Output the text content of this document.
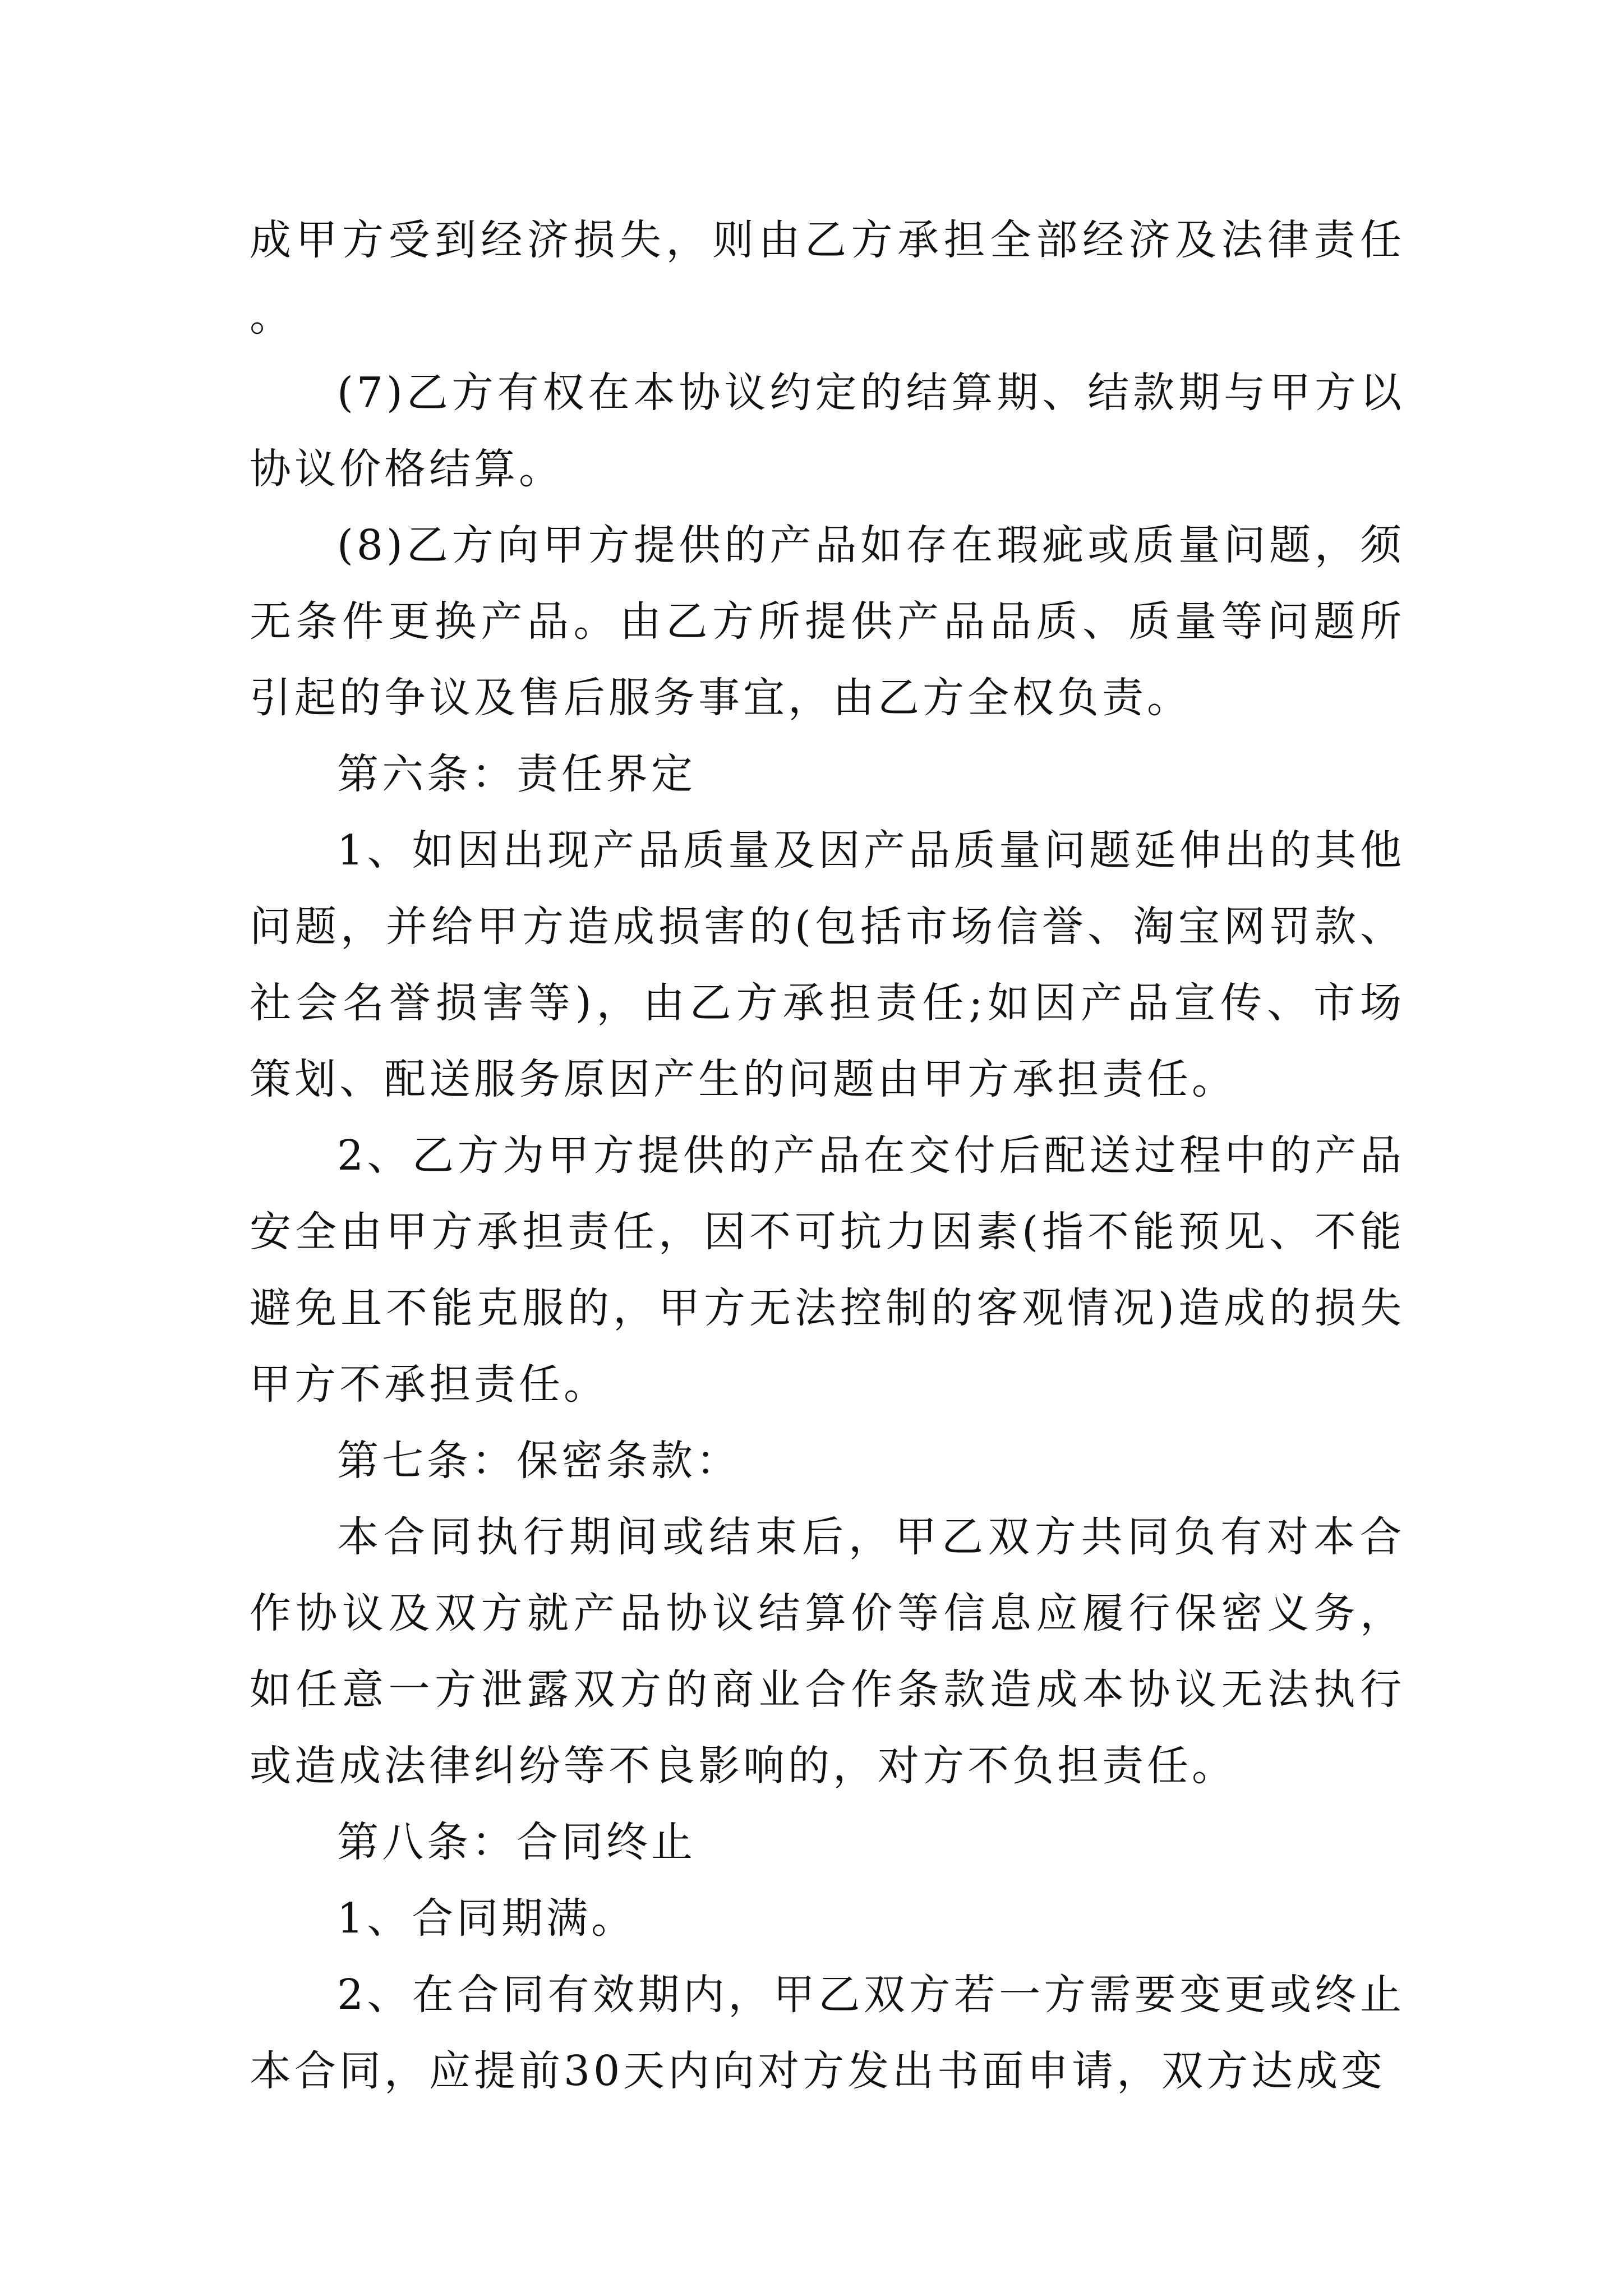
成甲方受到经济损失，则由乙方承担全部经济及法律责任。

(7)乙方有权在本协议约定的结算期、结款期与甲方以协议价格结算。

(8)乙方向甲方提供的产品如存在瑕疵或质量问题，须无条件更换产品。由乙方所提供产品品质、质量等问题所引起的争议及售后服务事宜，由乙方全权负责。

第六条：责任界定

1、如因出现产品质量及因产品质量问题延伸出的其他问题，并给甲方造成损害的(包括市场信誉、淘宝网罚款、社会名誉损害等)，由乙方承担责任;如因产品宣传、市场策划、配送服务原因产生的问题由甲方承担责任。

2、乙方为甲方提供的产品在交付后配送过程中的产品安全由甲方承担责任，因不可抗力因素(指不能预见、不能避免且不能克服的，甲方无法控制的客观情况)造成的损失甲方不承担责任。

第七条：保密条款：

本合同执行期间或结束后，甲乙双方共同负有对本合作协议及双方就产品协议结算价等信息应履行保密义务，如任意一方泄露双方的商业合作条款造成本协议无法执行或造成法律纠纷等不良影响的，对方不负担责任。

第八条：合同终止

1、合同期满。

2、在合同有效期内，甲乙双方若一方需要变更或终止本合同，应提前30天内向对方发出书面申请，双方达成变
